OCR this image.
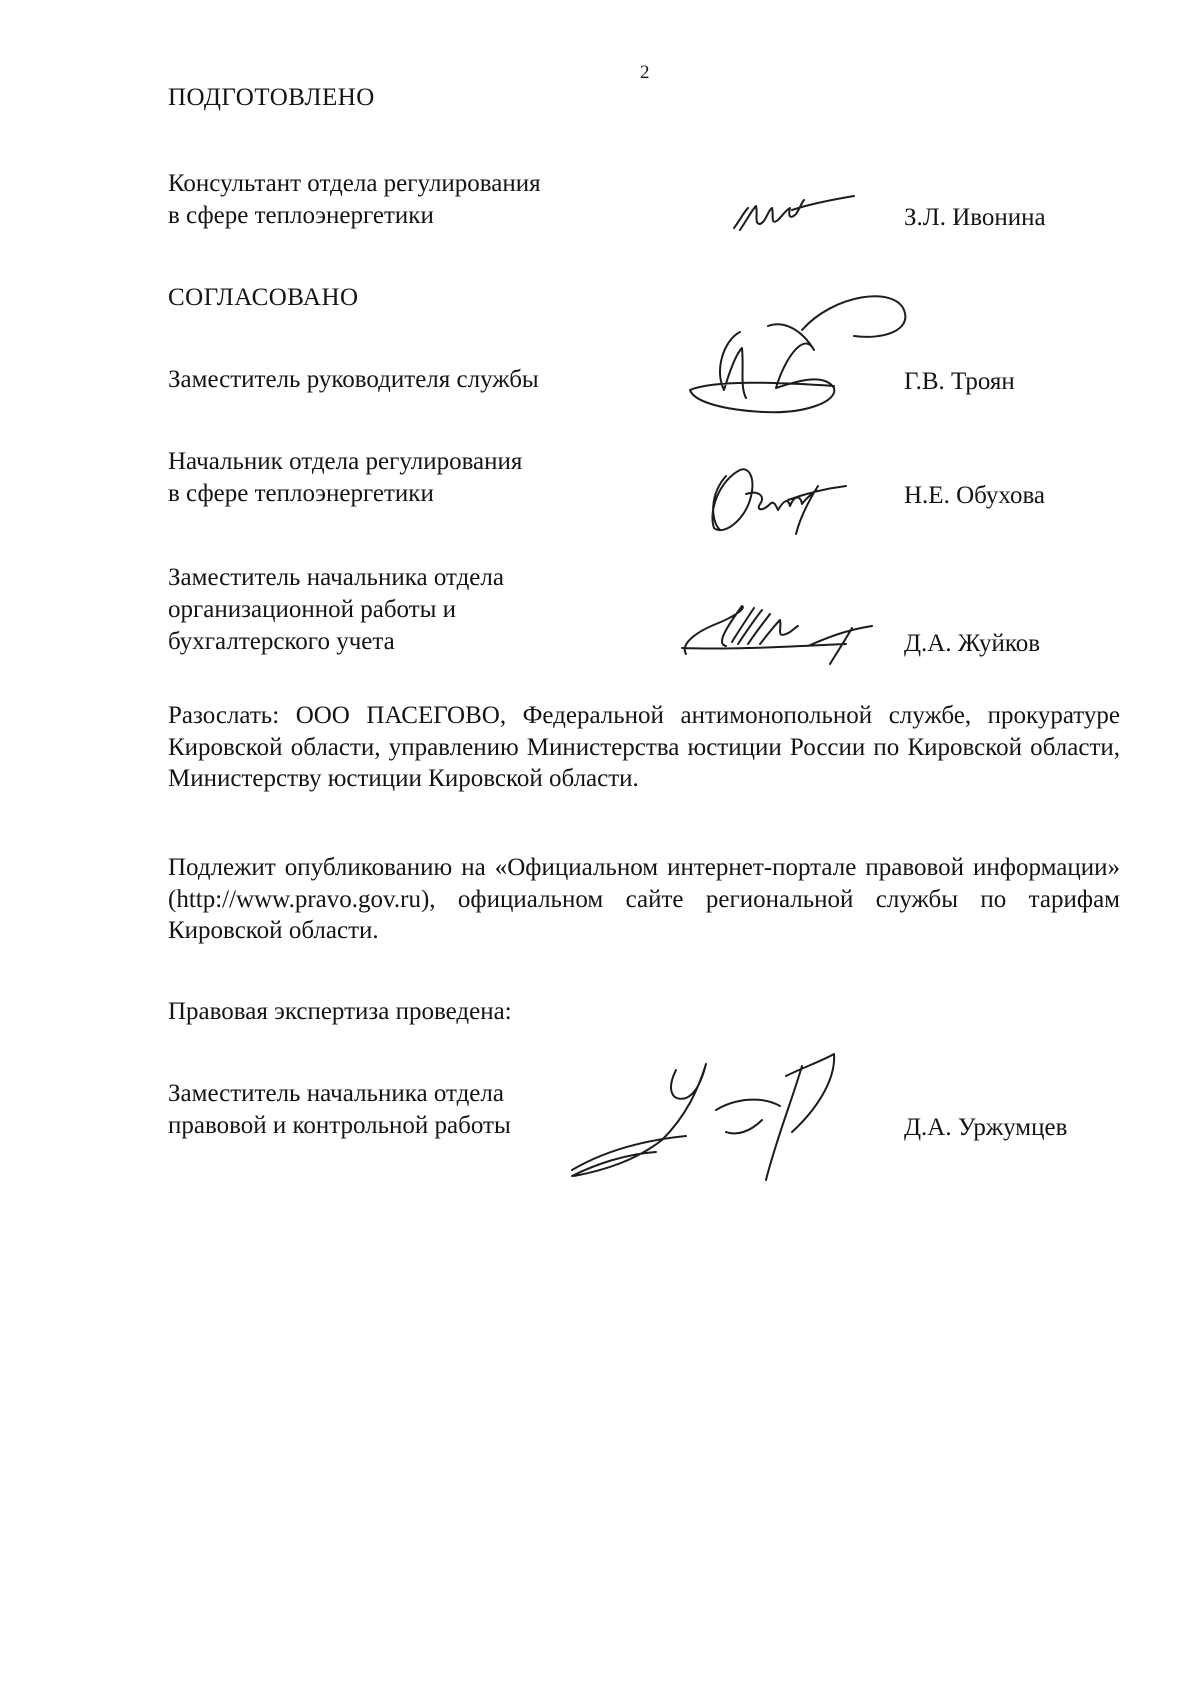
2
ПОДГОТОВЛЕНО
Консультант отдела регулирования
в сфере теплоэнергетики	З.Л. Ивонина
СОГЛАСОВАНО
Заместитель руководителя службы	Г.В. Троян
Начальник отдела регулирования
в сфере теплоэнергетики	Н.Е. Обухова
Заместитель начальника отдела
организационной работы и
бухгалтерского учета	Д.А. Жуйков

Разослать: ООО ПАСЕГОВО, Федеральной антимонопольной службе, прокуратуре Кировской области, управлению Министерства юстиции России по Кировской области, Министерству юстиции Кировской области.

Подлежит опубликованию на «Официальном интернет-портале правовой информации» (http://www.pravo.gov.ru), официальном сайте региональной службы по тарифам Кировской области.

Правовая экспертиза проведена:
Заместитель начальника отдела
правовой и контрольной работы	Д.А. Уржумцев
